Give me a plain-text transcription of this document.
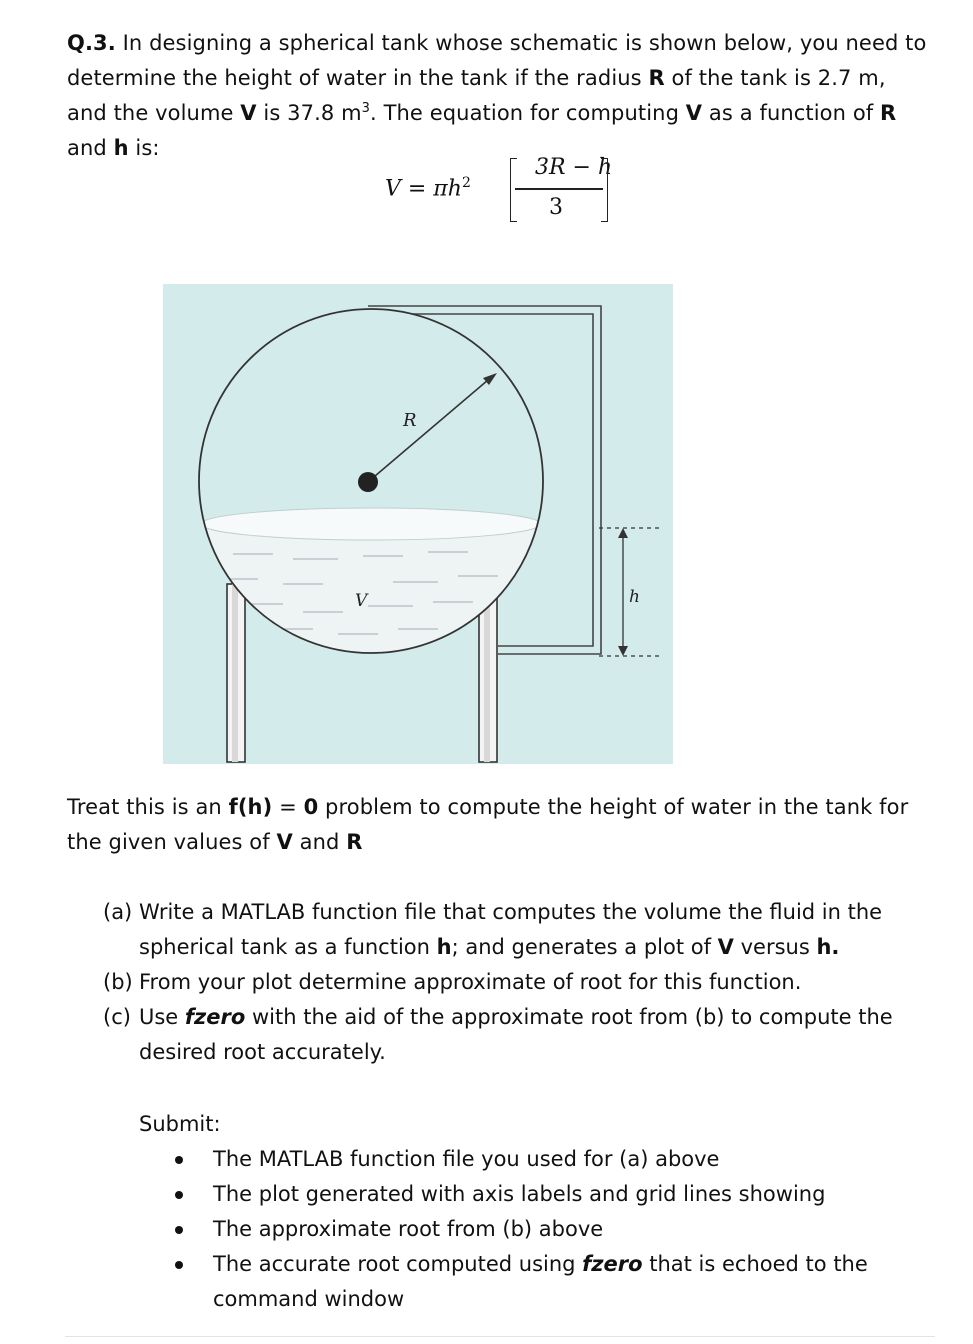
Q.3. In designing a spherical tank whose schematic is shown below, you need to determine the height of water in the tank if the radius R of the tank is 2.7 m, and the volume V is 37.8 $m^3$. The equation for computing V as a function of R and h is:
$V = \pi h^2$
3R − h
3
R
V	h
Treat this is an f(h) = 0 problem to compute the height of water in the tank for the given values of V and R
(a) Write a MATLAB function file that computes the volume the fluid in the spherical tank as a function h; and generates a plot of V versus h.
(b) From your plot determine approximate of root for this function.
(c) Use fzero with the aid of the approximate root from (b) to compute the desired root accurately.
Submit:
The MATLAB function file you used for (a) above
The plot generated with axis labels and grid lines showing
The approximate root from (b) above
The accurate root computed using fzero that is echoed to the command window
